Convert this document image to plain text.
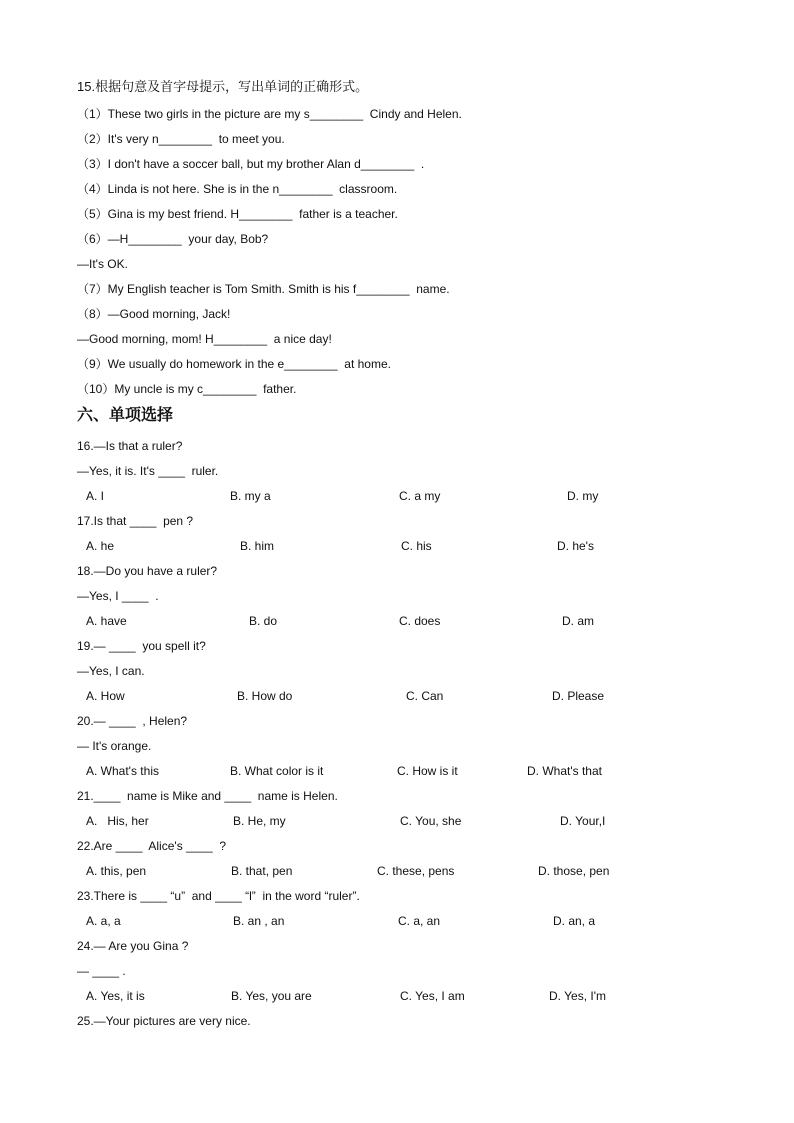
15.根据句意及首字母提示，写出单词的正确形式。
（1）These two girls in the picture are my s________  Cindy and Helen.
（2）It's very n________  to meet you.
（3）I don't have a soccer ball, but my brother Alan d________  .
（4）Linda is not here. She is in the n________  classroom.
（5）Gina is my best friend. H________  father is a teacher.
（6）—H________  your day, Bob?
—It's OK.
（7）My English teacher is Tom Smith. Smith is his f________  name.
（8）—Good morning, Jack!
—Good morning, mom! H________  a nice day!
（9）We usually do homework in the e________  at home.
（10）My uncle is my c________  father.
六、单项选择
16.—Is that a ruler?
—Yes, it is. It's ____  ruler.
A. I	B. my a	C. a my	D. my
17.Is that ____  pen ?
A. he	B. him	C. his	D. he's
18.—Do you have a ruler?
—Yes, I ____  .
A. have	B. do	C. does	D. am
19.— ____  you spell it?
—Yes, I can.
A. How	B. How do	C. Can	D. Please
20.— ____  , Helen?
— It's orange.
A. What's this	B. What color is it	C. How is it	D. What's that
21.____  name is Mike and ____  name is Helen.
A.   His, her	B. He, my	C. You, she	D. Your,I
22.Are ____  Alice's ____  ?
A. this, pen	B. that, pen	C. these, pens	D. those, pen
23.There is ____ “u”  and ____ “l”  in the word “ruler”.
A. a, a	B. an , an	C. a, an	D. an, a
24.— Are you Gina ?
— ____ .
A. Yes, it is	B. Yes, you are	C. Yes, I am	D. Yes, I'm
25.—Your pictures are very nice.
